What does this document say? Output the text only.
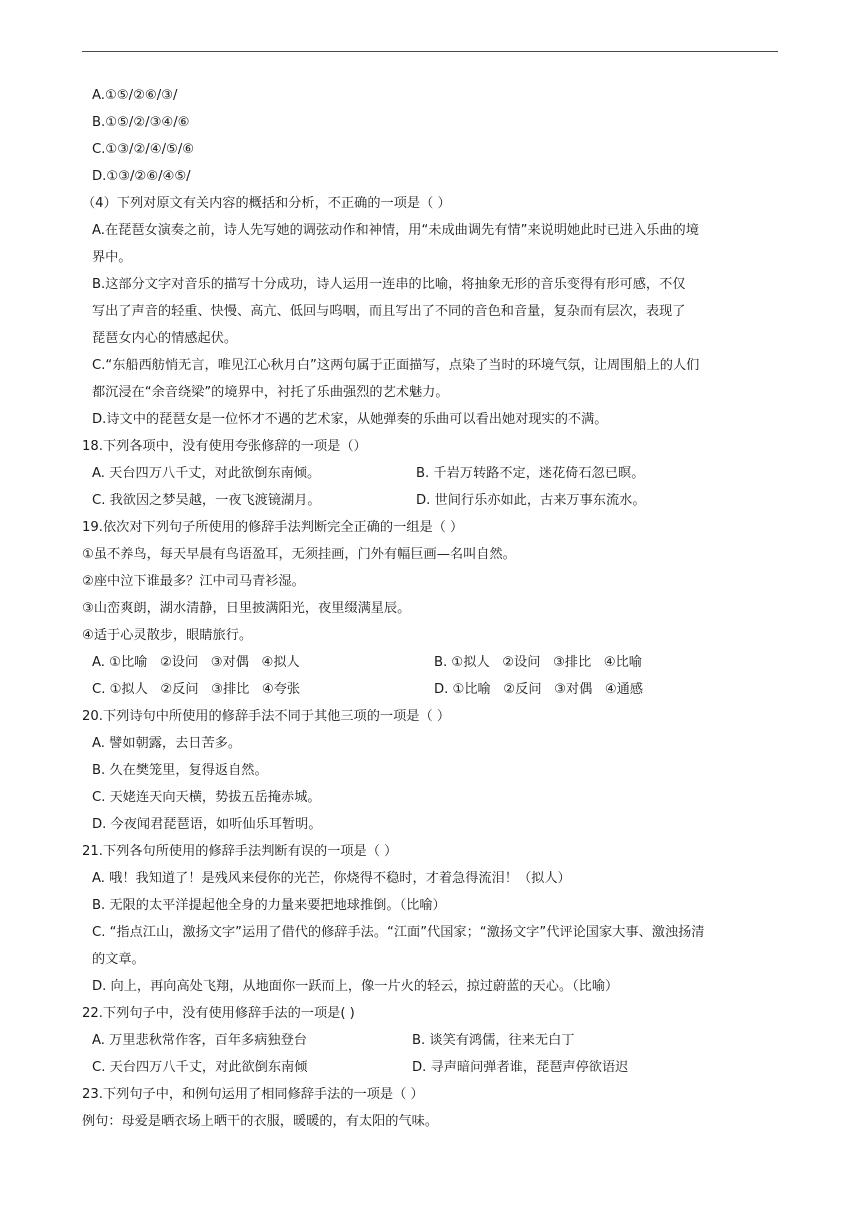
A.①⑤/②⑥/③/
B.①⑤/②/③④/⑥
C.①③/②/④/⑤/⑥
D.①③/②⑥/④⑤/
（4）下列对原文有关内容的概括和分析，不正确的一项是（ ）
A.在琵琶女演奏之前，诗人先写她的调弦动作和神情，用“未成曲调先有情”来说明她此时已进入乐曲的境
界中。
B.这部分文字对音乐的描写十分成功，诗人运用一连串的比喻，将抽象无形的音乐变得有形可感，不仅
写出了声音的轻重、快慢、高亢、低回与呜咽，而且写出了不同的音色和音量，复杂而有层次，表现了
琵琶女内心的情感起伏。
C.“东船西舫悄无言，唯见江心秋月白”这两句属于正面描写，点染了当时的环境气氛，让周围船上的人们
都沉浸在“余音绕梁”的境界中，衬托了乐曲强烈的艺术魅力。
D.诗文中的琵琶女是一位怀才不遇的艺术家，从她弹奏的乐曲可以看出她对现实的不满。
18.下列各项中，没有使用夸张修辞的一项是（）
A. 天台四万八千丈，对此欲倒东南倾。	B. 千岩万转路不定，迷花倚石忽已暝。
C. 我欲因之梦吴越，一夜飞渡镜湖月。	D. 世间行乐亦如此，古来万事东流水。
19.依次对下列句子所使用的修辞手法判断完全正确的一组是（ ）
①虽不养鸟，每天早晨有鸟语盈耳，无须挂画，门外有幅巨画—名叫自然。
②座中泣下谁最多？江中司马青衫湿。
③山峦爽朗，湖水清静，日里披满阳光，夜里缀满星辰。
④适于心灵散步，眼睛旅行。
A. ①比喻   ②设问   ③对偶   ④拟人	B. ①拟人   ②设问   ③排比   ④比喻
C. ①拟人   ②反问   ③排比   ④夸张	D. ①比喻   ②反问   ③对偶   ④通感
20.下列诗句中所使用的修辞手法不同于其他三项的一项是（ ）
A. 譬如朝露，去日苦多。
B. 久在樊笼里，复得返自然。
C. 天姥连天向天横，势拔五岳掩赤城。
D. 今夜闻君琵琶语，如听仙乐耳暂明。
21.下列各句所使用的修辞手法判断有误的一项是（ ）
A. 哦！我知道了！是残风来侵你的光芒，你烧得不稳时，才着急得流泪！（拟人）
B. 无限的太平洋提起他全身的力量来要把地球推倒。（比喻）
C. “指点江山，激扬文字”运用了借代的修辞手法。“江面”代国家；“激扬文字”代评论国家大事、激浊扬清
的文章。
D. 向上，再向高处飞翔，从地面你一跃而上，像一片火的轻云，掠过蔚蓝的天心。（比喻）
22.下列句子中，没有使用修辞手法的一项是( )
A. 万里悲秋常作客，百年多病独登台	B. 谈笑有鸿儒，往来无白丁
C. 天台四万八千丈，对此欲倒东南倾	D. 寻声暗问弹者谁，琵琶声停欲语迟
23.下列句子中，和例句运用了相同修辞手法的一项是（ ）
例句：母爱是晒衣场上晒干的衣服，暖暖的，有太阳的气味。
